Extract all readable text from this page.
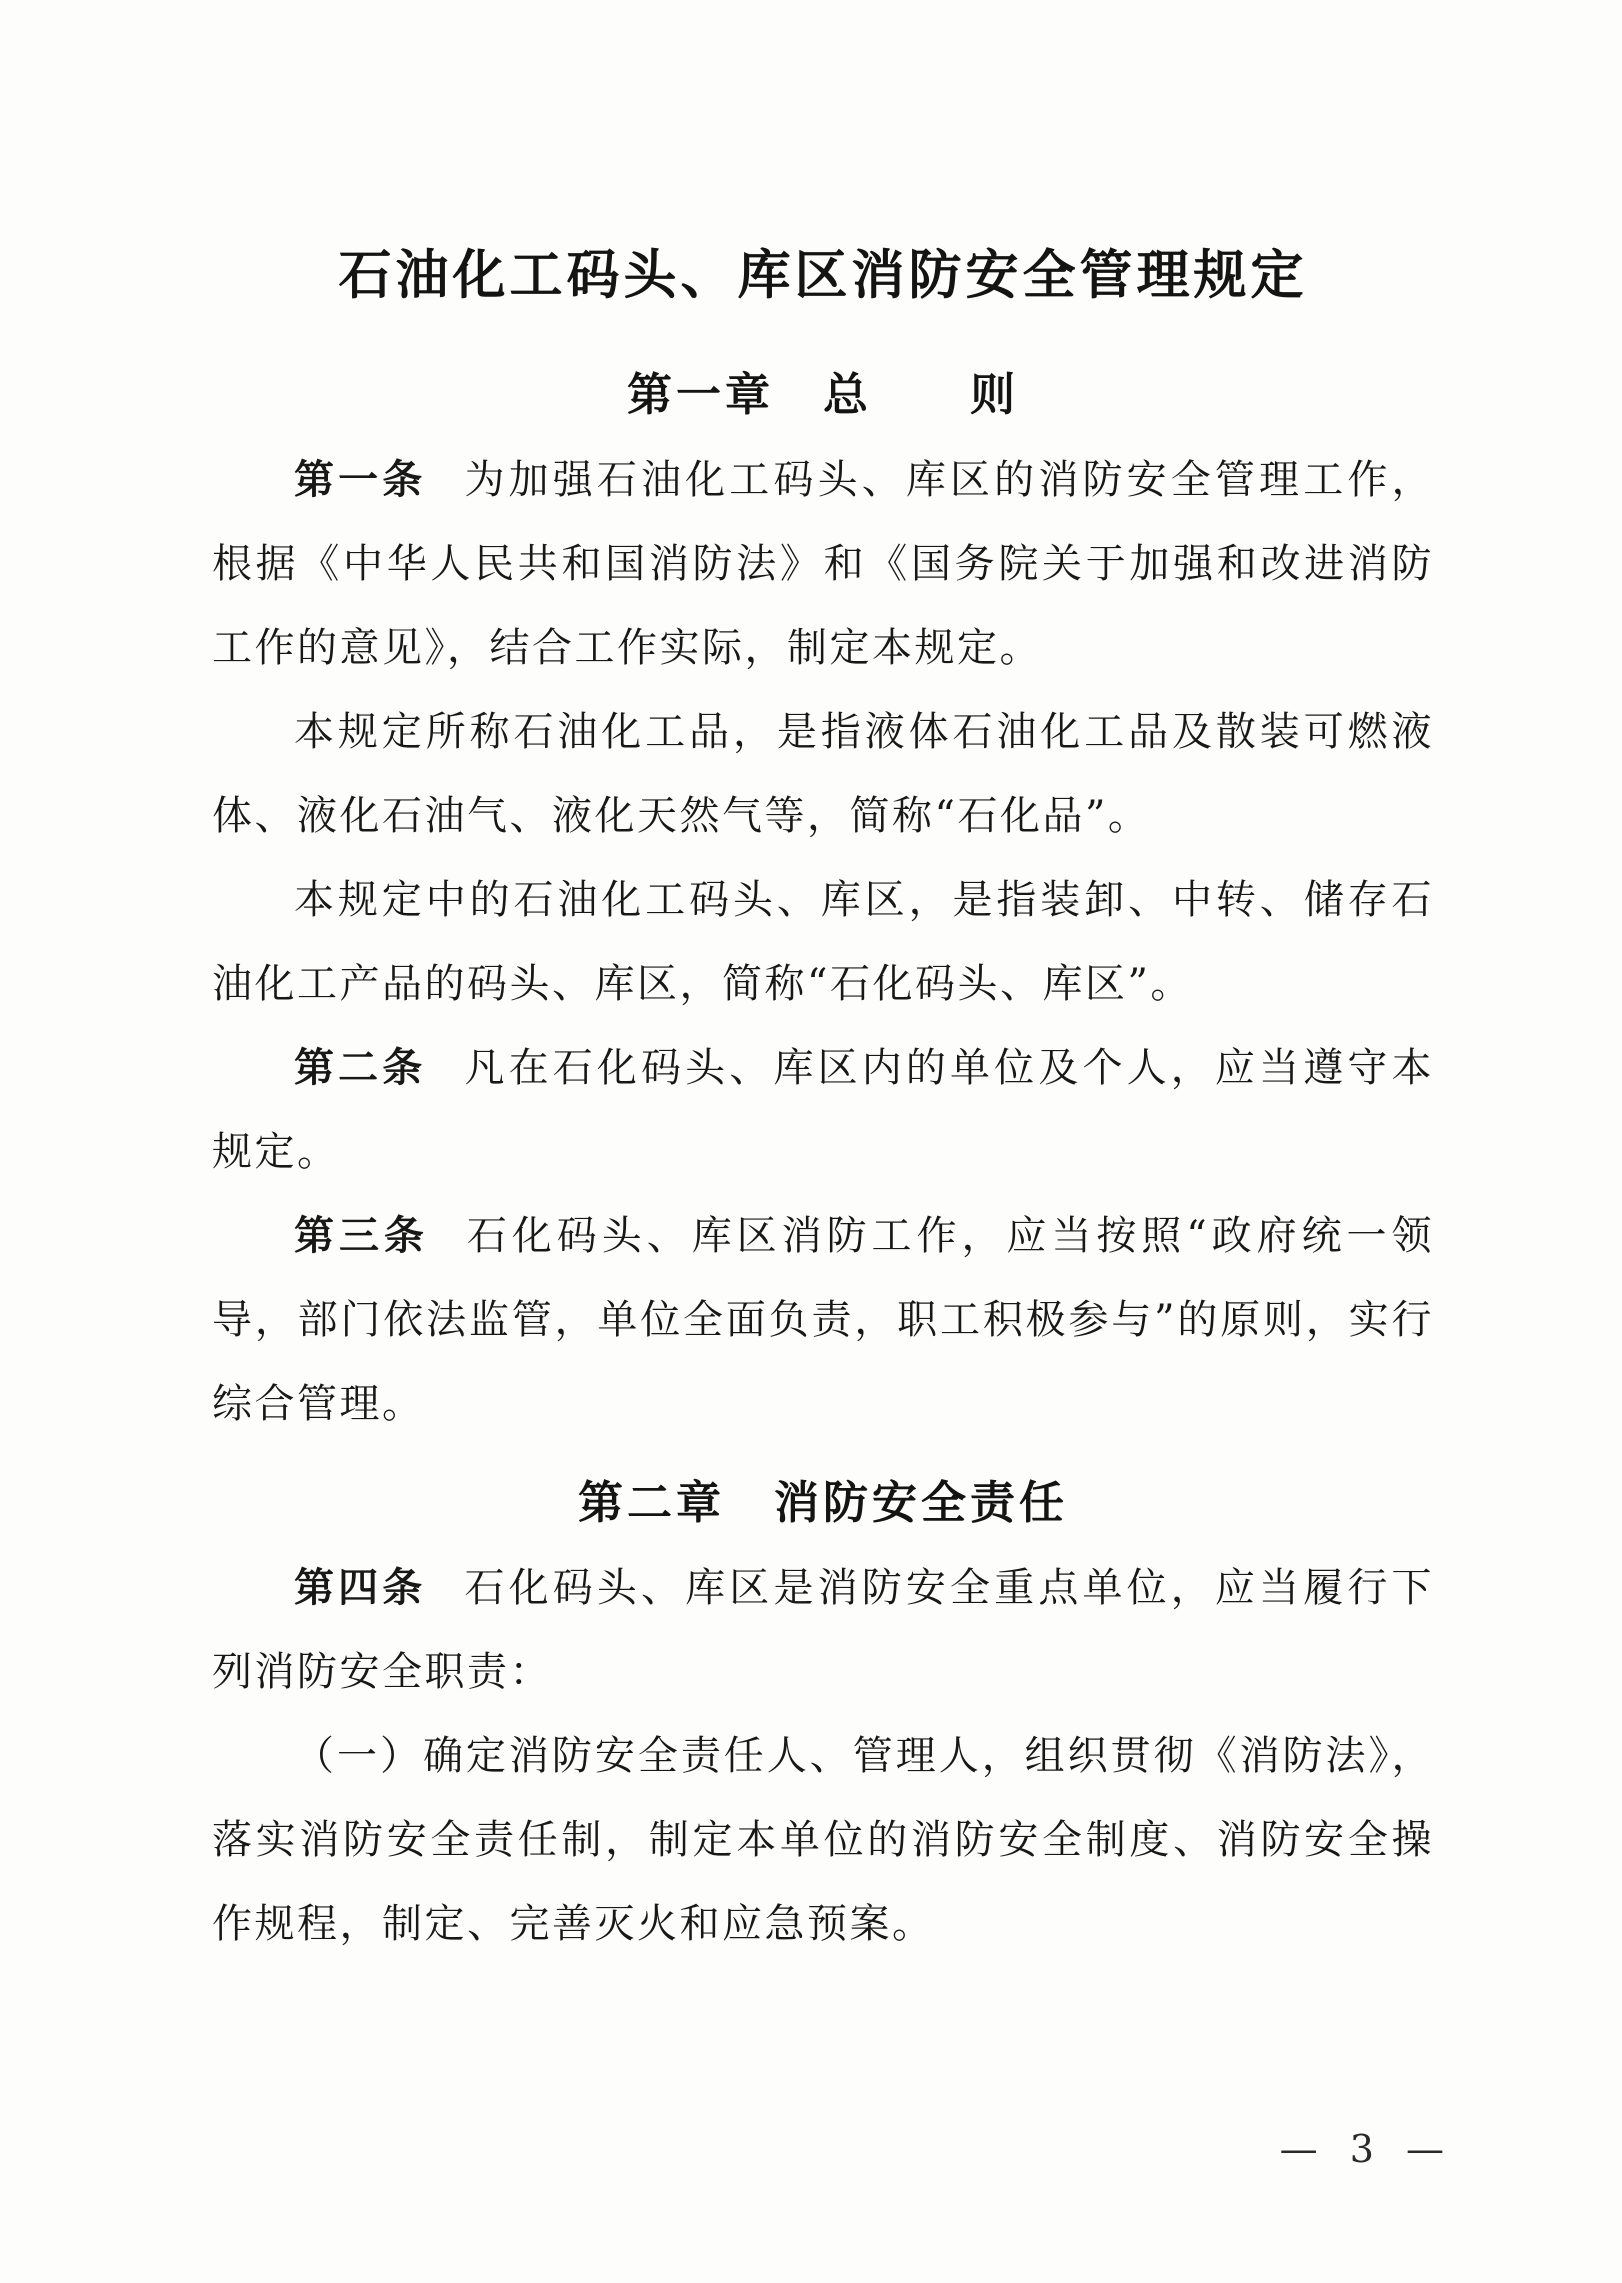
石油化工码头、库区消防安全管理规定
第一章　总　　则

第一条 为加强石油化工码头、库区的消防安全管理工作，根据《中华人民共和国消防法》和《国务院关于加强和改进消防工作的意见》，结合工作实际，制定本规定。

本规定所称石油化工品，是指液体石油化工品及散装可燃液体、液化石油气、液化天然气等，简称“石化品”。

本规定中的石油化工码头、库区，是指装卸、中转、储存石油化工产品的码头、库区，简称“石化码头、库区”。

第二条 凡在石化码头、库区内的单位及个人，应当遵守本规定。

第三条 石化码头、库区消防工作，应当按照“政府统一领导，部门依法监管，单位全面负责，职工积极参与”的原则，实行综合管理。

第二章　消防安全责任

第四条 石化码头、库区是消防安全重点单位，应当履行下列消防安全职责：

（一）确定消防安全责任人、管理人，组织贯彻《消防法》，落实消防安全责任制，制定本单位的消防安全制度、消防安全操作规程，制定、完善灭火和应急预案。

— 3 —
